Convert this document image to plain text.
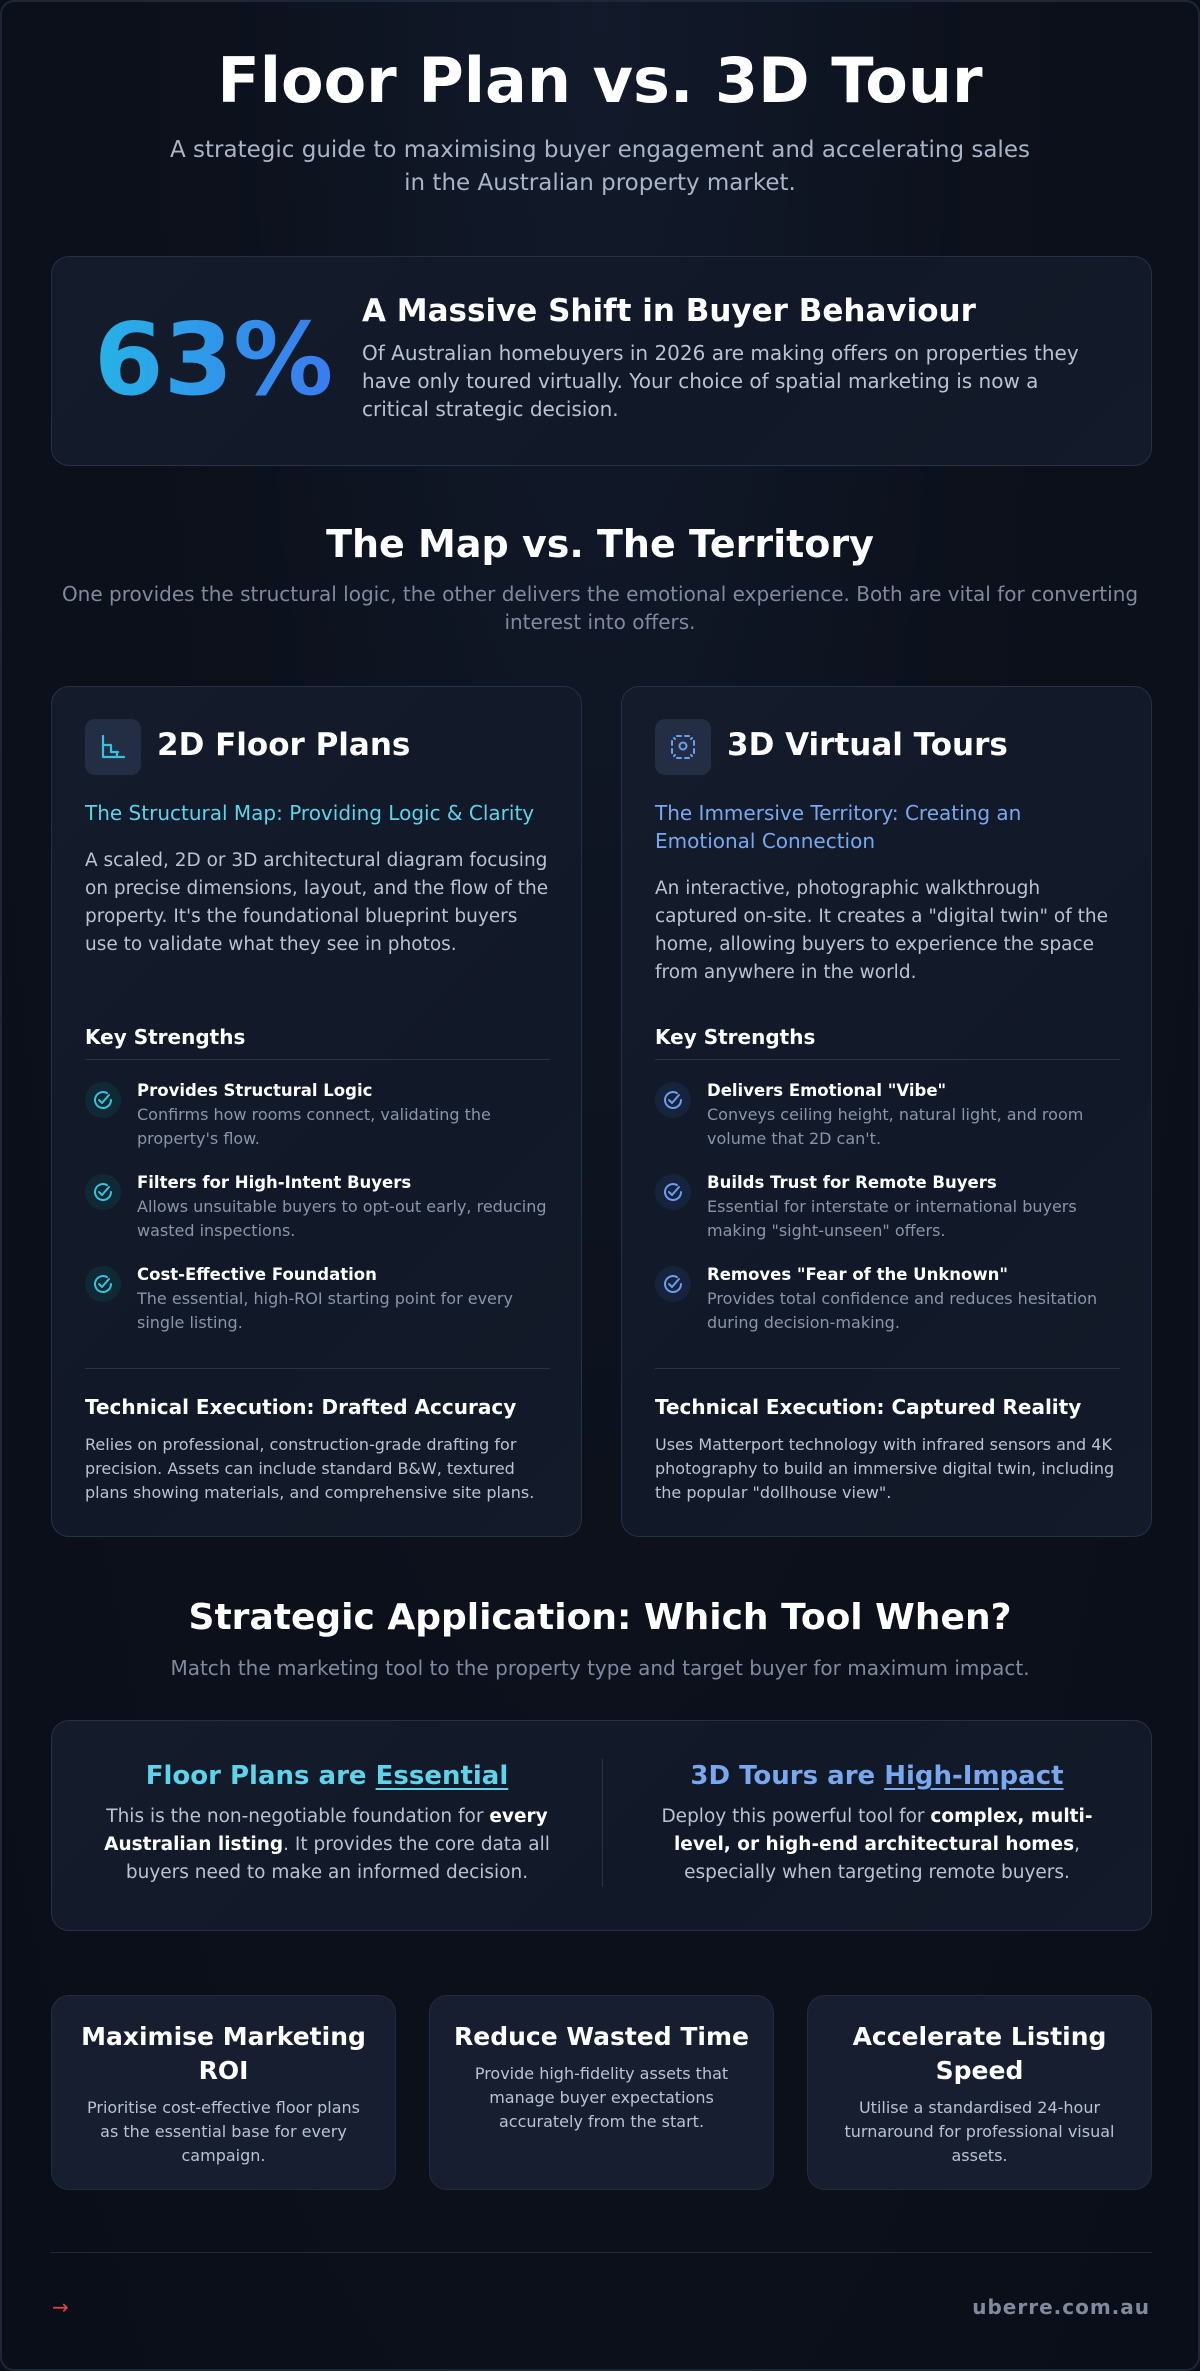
Floor Plan vs. 3D Tour

A strategic guide to maximising buyer engagement and accelerating sales in the Australian property market.

63% A Massive Shift in Buyer Behaviour

Of Australian homebuyers in 2026 are making offers on properties they have only toured virtually. Your choice of spatial marketing is now a critical strategic decision.

The Map vs. The Territory

One provides the structural logic, the other delivers the emotional experience. Both are vital for converting interest into offers.

2D Floor Plans

The Structural Map: Providing Logic & Clarity

A scaled, 2D or 3D architectural diagram focusing on precise dimensions, layout, and the flow of the property. It's the foundational blueprint buyers use to validate what they see in photos.

Key Strengths

Provides Structural Logic

Confirms how rooms connect, validating the property's flow.

Filters for High-Intent Buyers

Allows unsuitable buyers to opt-out early, reducing wasted inspections.

Cost-Effective Foundation

The essential, high-ROI starting point for every single listing.

Technical Execution: Drafted Accuracy

Relies on professional, construction-grade drafting for precision. Assets can include standard B&W, textured plans showing materials, and comprehensive site plans.

3D Virtual Tours

The Immersive Territory: Creating an Emotional Connection

An interactive, photographic walkthrough captured on-site. It creates a "digital twin" of the home, allowing buyers to experience the space from anywhere in the world.

Key Strengths

Delivers Emotional "Vibe"

Conveys ceiling height, natural light, and room volume that 2D can't.

Builds Trust for Remote Buyers

Essential for interstate or international buyers making "sight-unseen" offers.

Removes "Fear of the Unknown"

Provides total confidence and reduces hesitation during decision-making.

Technical Execution: Captured Reality

Uses Matterport technology with infrared sensors and 4K photography to build an immersive digital twin, including the popular "dollhouse view".

Strategic Application: Which Tool When?

Match the marketing tool to the property type and target buyer for maximum impact.

Floor Plans are Essential

This is the non-negotiable foundation for every Australian listing. It provides the core data all buyers need to make an informed decision.

3D Tours are High-Impact

Deploy this powerful tool for complex, multi-level, or high-end architectural homes, especially when targeting remote buyers.

Maximise Marketing ROI

Prioritise cost-effective floor plans as the essential base for every campaign.

Reduce Wasted Time

Provide high-fidelity assets that manage buyer expectations accurately from the start.

Accelerate Listing Speed

Utilise a standardised 24-hour turnaround for professional visual assets.

→	uberre.com.au
